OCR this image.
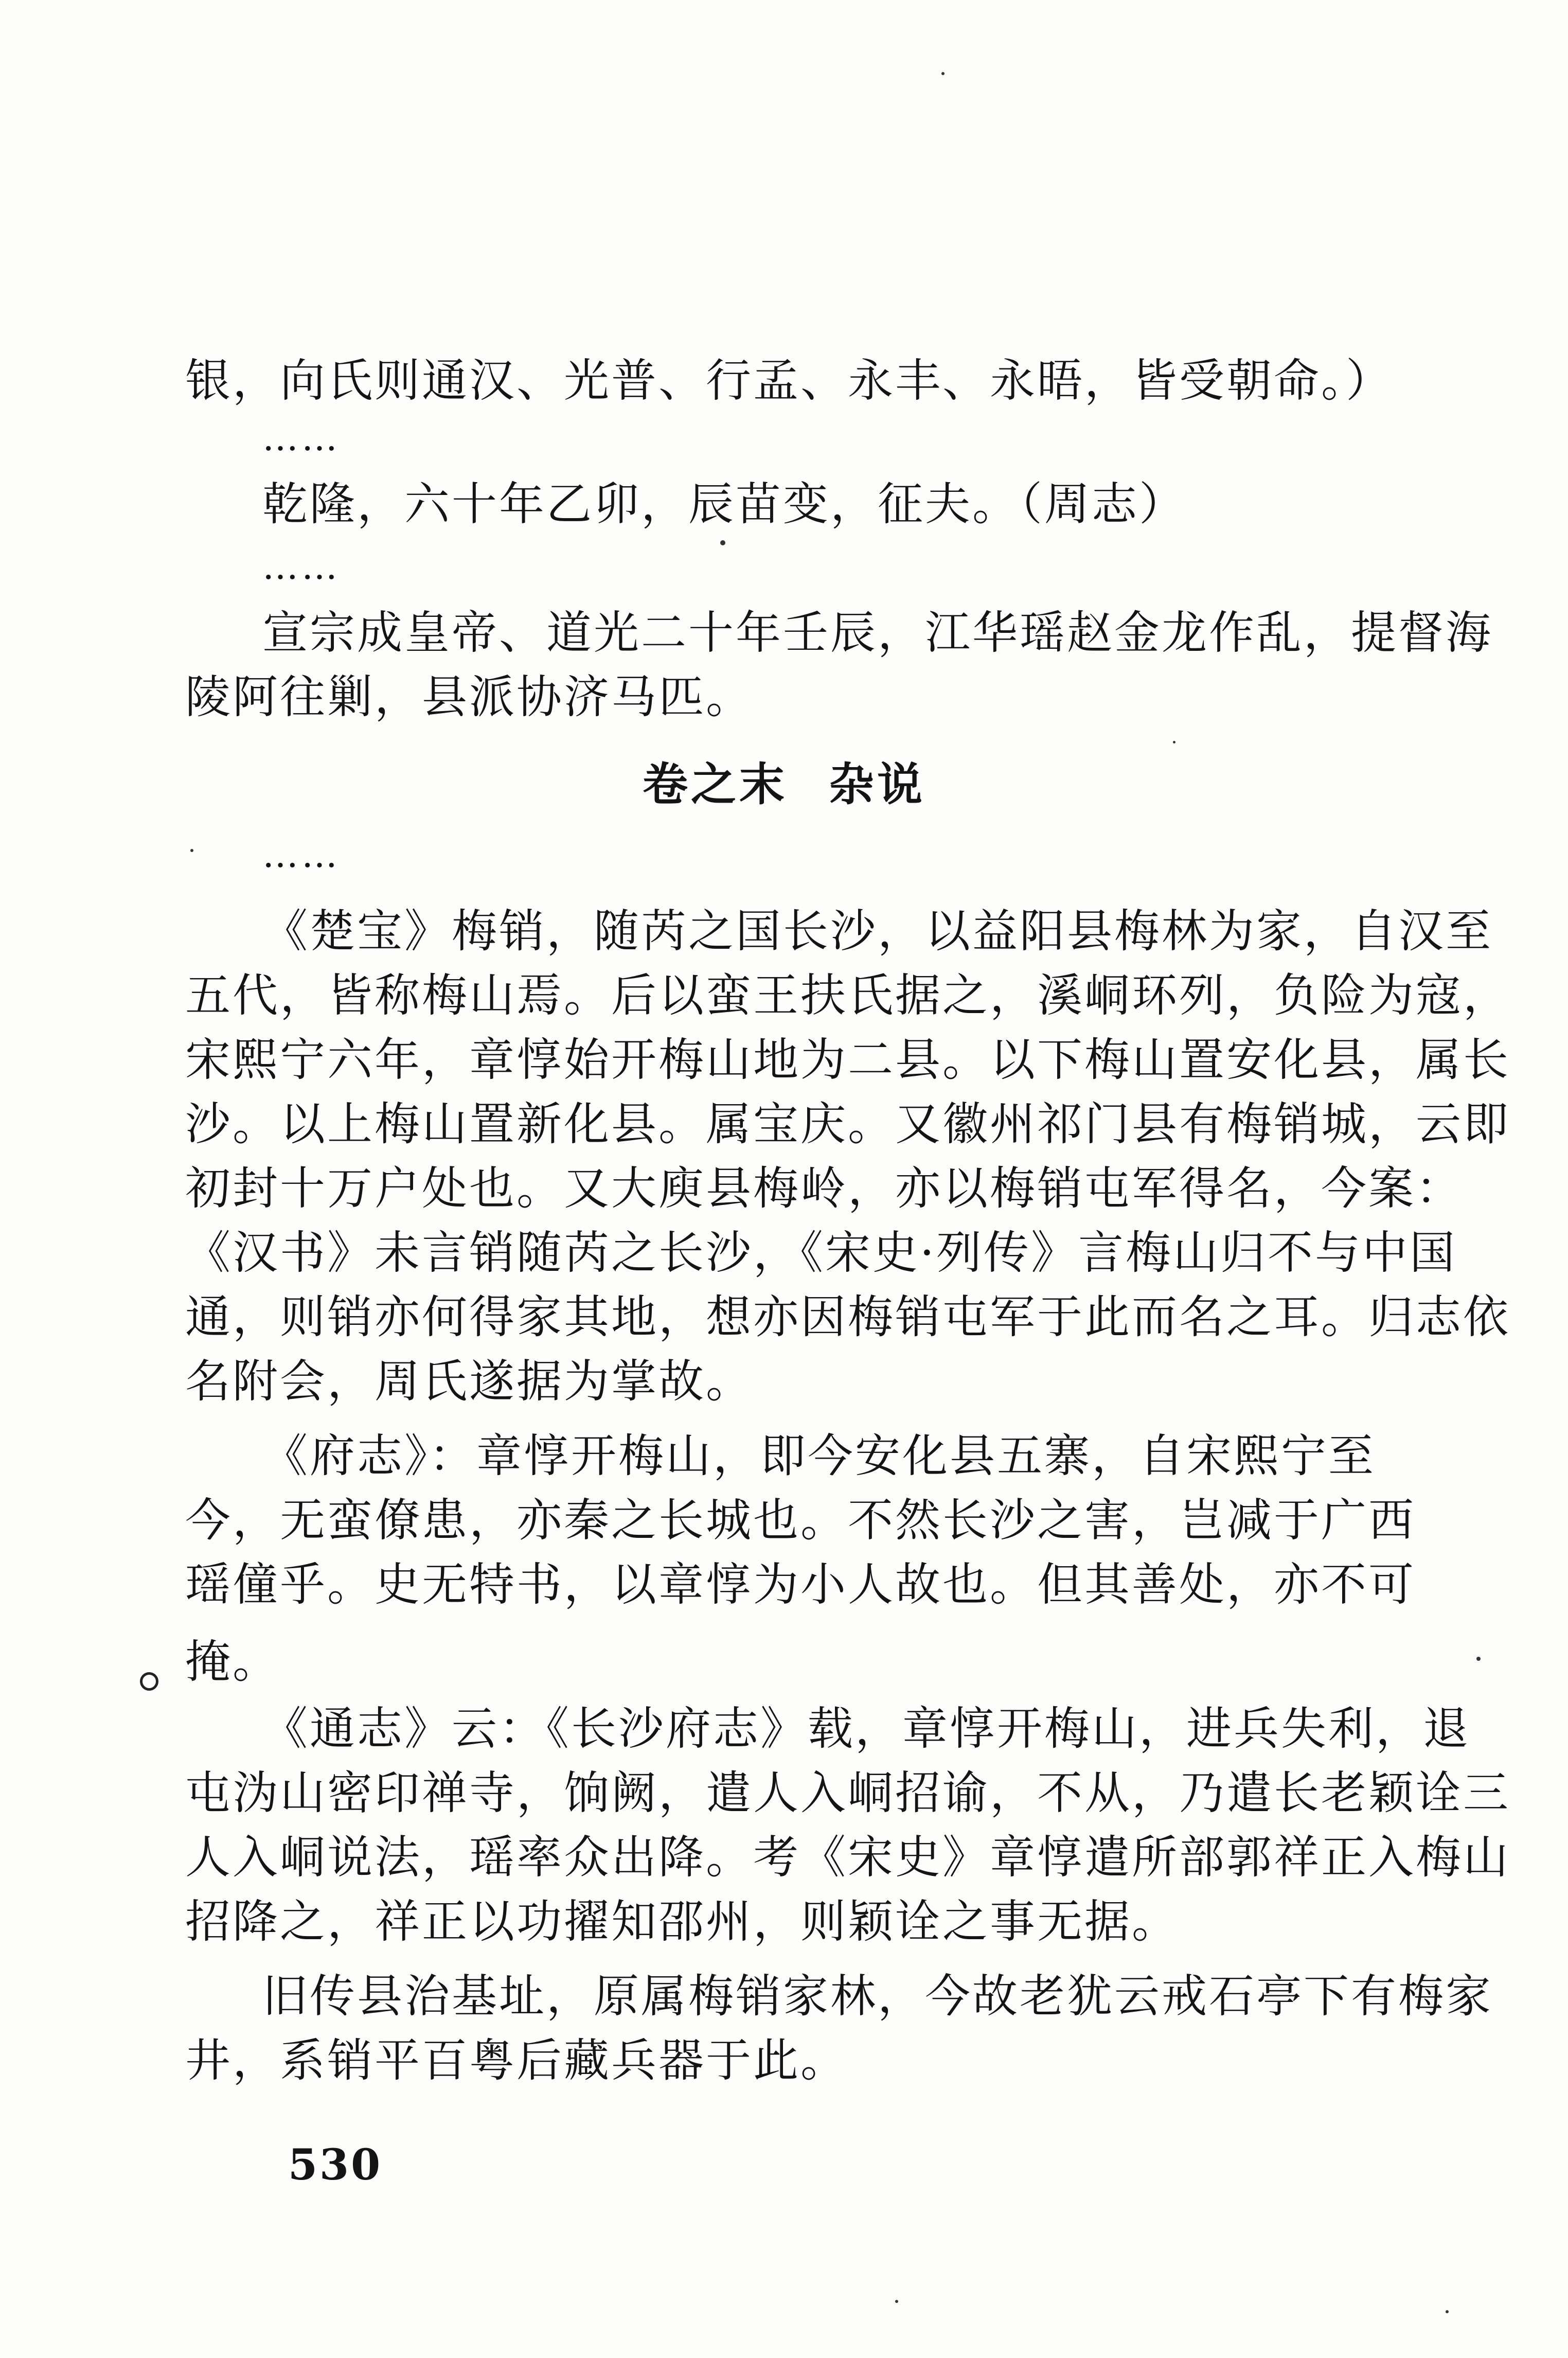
银，向氏则通汉、光普、行孟、永丰、永晤，皆受朝命。）
……
乾隆，六十年乙卯，辰苗变，征夫。（周志）
……
宣宗成皇帝、道光二十年壬辰，江华瑶赵金龙作乱，提督海
陵阿往剿，县派协济马匹。
卷之末 杂说
……
《楚宝》梅销，随芮之国长沙，以益阳县梅林为家，自汉至
五代，皆称梅山焉。后以蛮王扶氏据之，溪峒环列，负险为寇，
宋熙宁六年，章惇始开梅山地为二县。以下梅山置安化县，属长
沙。以上梅山置新化县。属宝庆。又徽州祁门县有梅销城，云即
初封十万户处也。又大庾县梅岭，亦以梅销屯军得名，今案：
《汉书》未言销随芮之长沙，《宋史·列传》言梅山归不与中国
通，则销亦何得家其地，想亦因梅销屯军于此而名之耳。归志依
名附会，周氏遂据为掌故。
《府志》：章惇开梅山，即今安化县五寨，自宋熙宁至
今，无蛮僚患，亦秦之长城也。不然长沙之害，岂减于广西
瑶僮乎。史无特书，以章惇为小人故也。但其善处，亦不可
掩。
《通志》云：《长沙府志》载，章惇开梅山，进兵失利，退
屯沩山密印禅寺，饷阙，遣人入峒招谕，不从，乃遣长老颖诠三
人入峒说法，瑶率众出降。考《宋史》章惇遣所部郭祥正入梅山
招降之，祥正以功擢知邵州，则颖诠之事无据。
旧传县治基址，原属梅销家林，今故老犹云戒石亭下有梅家
井，系销平百粤后藏兵器于此。
530
